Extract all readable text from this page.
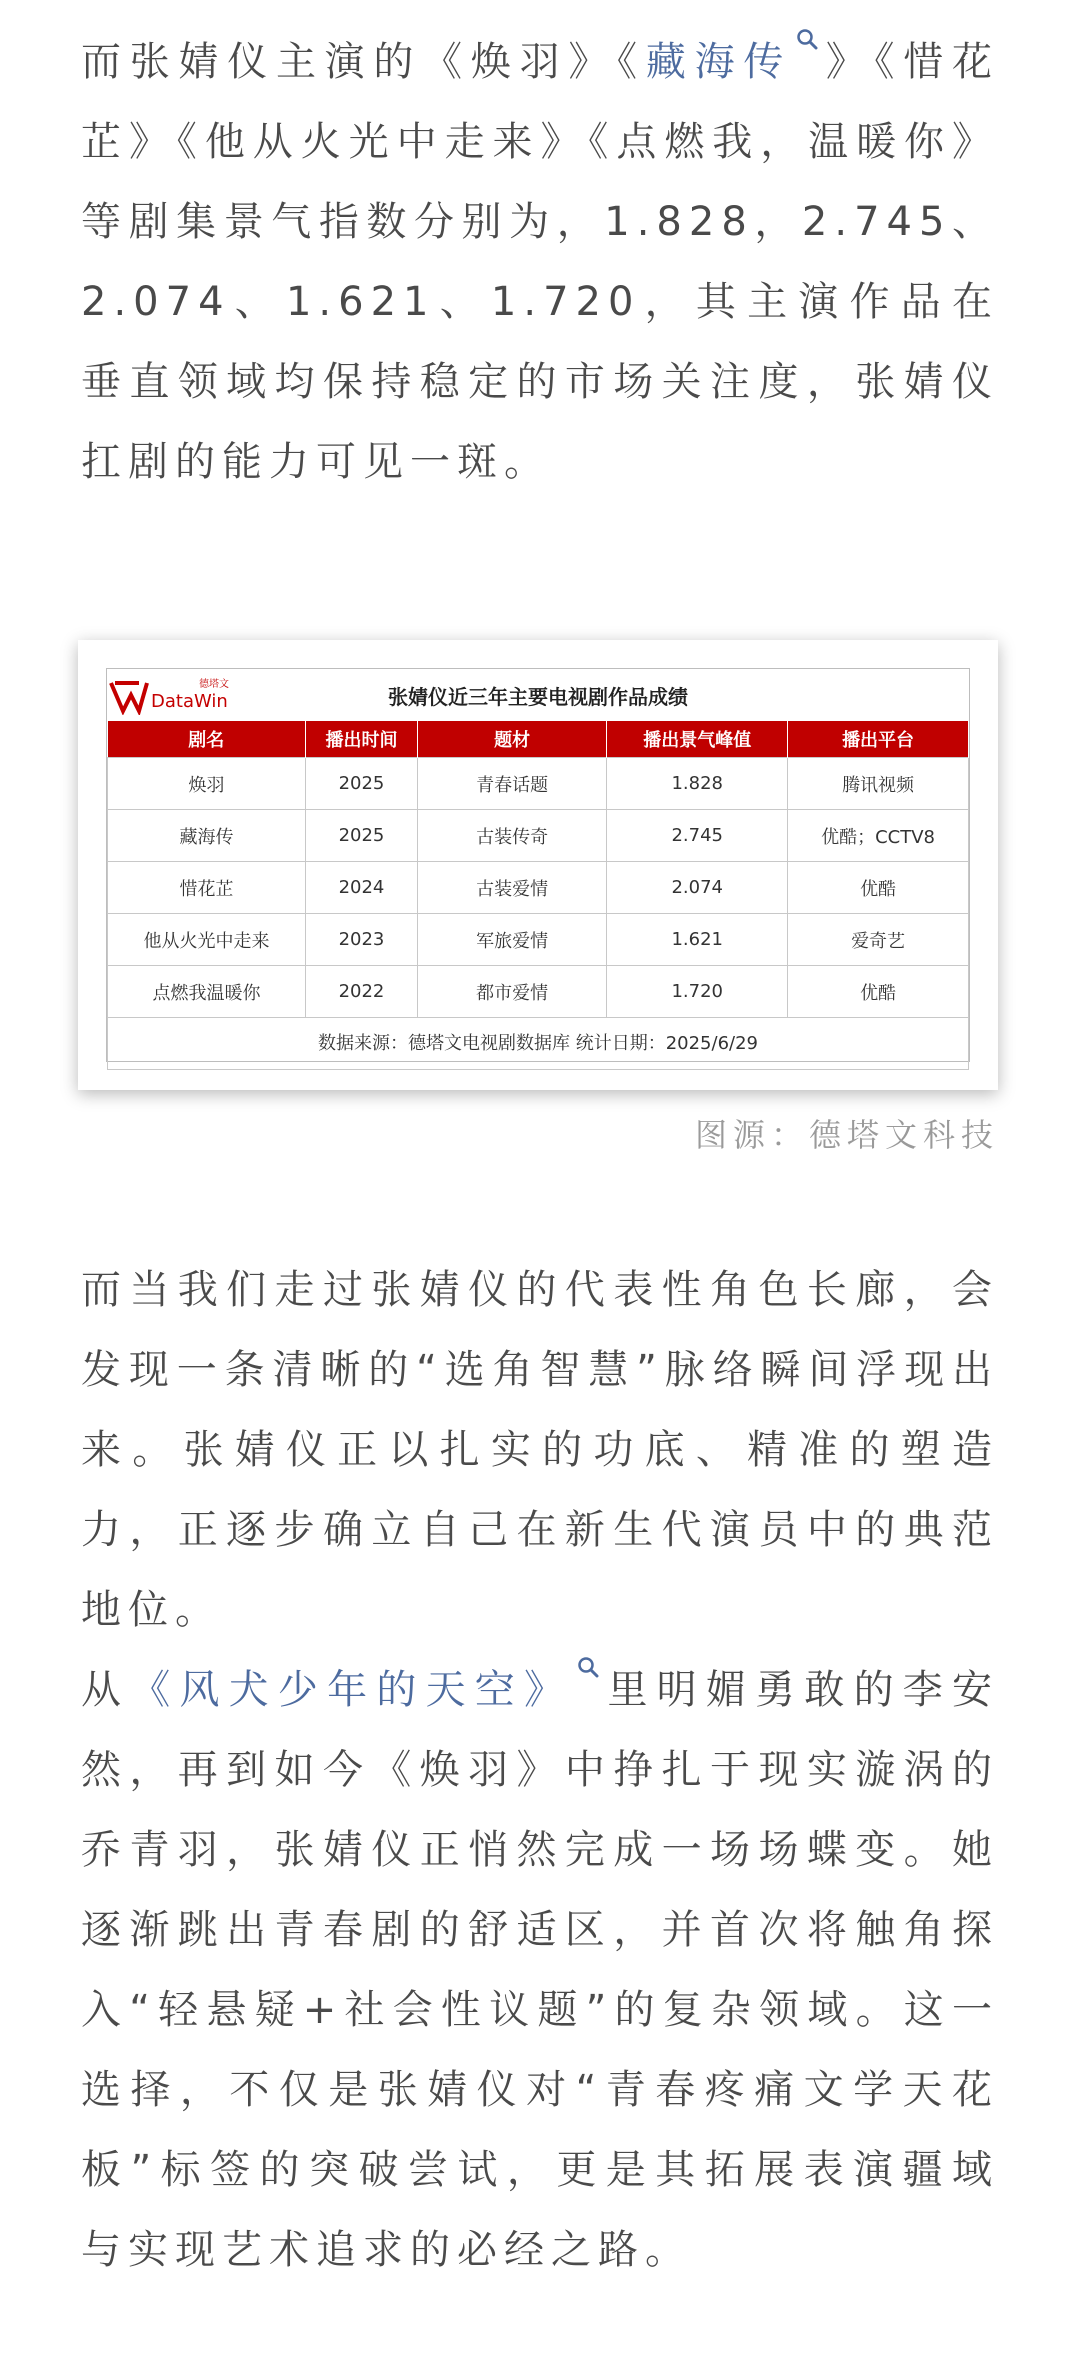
而张婧仪主演的《焕羽》《藏海传 》《惜花芷》《他从火光中走来》《点燃我，温暖你》等剧集景气指数分别为，1.828，2.745、2.074、1.621、1.720，其主演作品在垂直领域均保持稳定的市场关注度，张婧仪扛剧的能力可见一斑。

德塔文
DataWin	张婧仪近三年主要电视剧作品成绩
剧名	播出时间	题材	播出景气峰值	播出平台
焕羽	2025	青春话题	1.828	腾讯视频
藏海传	2025	古装传奇	2.745	优酷；CCTV8
惜花芷	2024	古装爱情	2.074	优酷
他从火光中走来	2023	军旅爱情	1.621	爱奇艺
点燃我温暖你	2022	都市爱情	1.720	优酷
数据来源：德塔文电视剧数据库 统计日期：2025/6/29				
图源：德塔文科技

而当我们走过张婧仪的代表性角色长廊，会发现一条清晰的“选角智慧”脉络瞬间浮现出来。张婧仪正以扎实的功底、精准的塑造力，正逐步确立自己在新生代演员中的典范地位。

从《风犬少年的天空》 里明媚勇敢的李安然，再到如今《焕羽》中挣扎于现实漩涡的乔青羽，张婧仪正悄然完成一场场蝶变。她逐渐跳出青春剧的舒适区，并首次将触角探入“轻悬疑+社会性议题”的复杂领域。这一选择，不仅是张婧仪对“青春疼痛文学天花板”标签的突破尝试，更是其拓展表演疆域与实现艺术追求的必经之路。
